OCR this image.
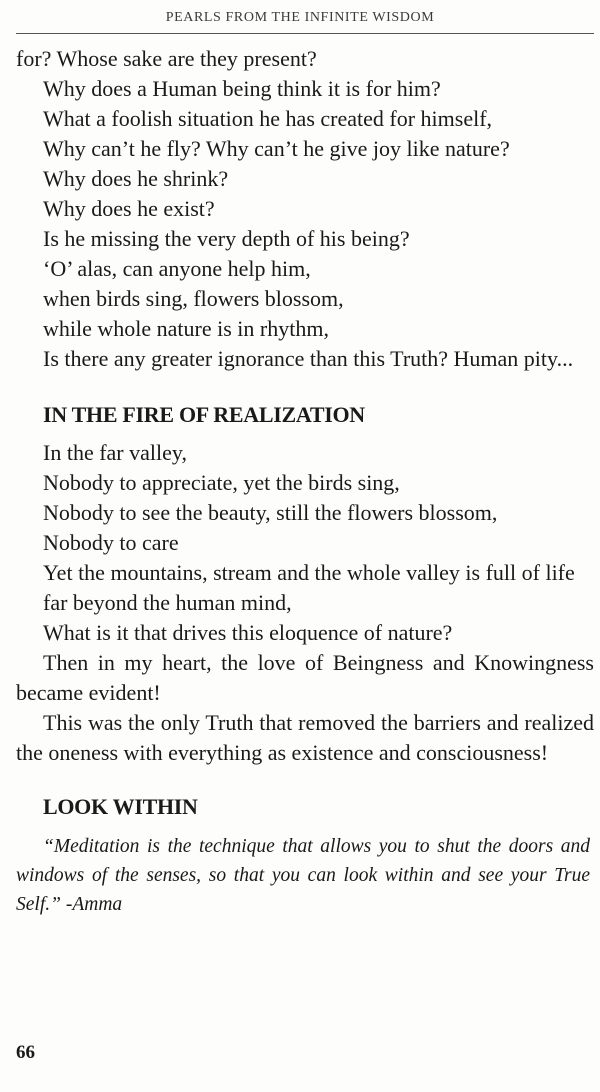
PEARLS FROM THE INFINITE WISDOM
for? Whose sake are they present?
Why does a Human being think it is for him?
What a foolish situation he has created for himself,
Why can’t he fly? Why can’t he give joy like nature?
Why does he shrink?
Why does he exist?
Is he missing the very depth of his being?
‘O’ alas, can anyone help him,
when birds sing, flowers blossom,
while whole nature is in rhythm,
Is there any greater ignorance than this Truth? Human pity...
IN THE FIRE OF REALIZATION
In the far valley,
Nobody to appreciate, yet the birds sing,
Nobody to see the beauty, still the flowers blossom,
Nobody to care
Yet the mountains, stream and the whole valley is full of life
far beyond the human mind,
What is it that drives this eloquence of nature?
Then in my heart, the love of Beingness and Knowingness became evident!
This was the only Truth that removed the barriers and realized the oneness with everything as existence and consciousness!
LOOK WITHIN
“Meditation is the technique that allows you to shut the doors and windows of the senses, so that you can look within and see your True Self.” -Amma
66
